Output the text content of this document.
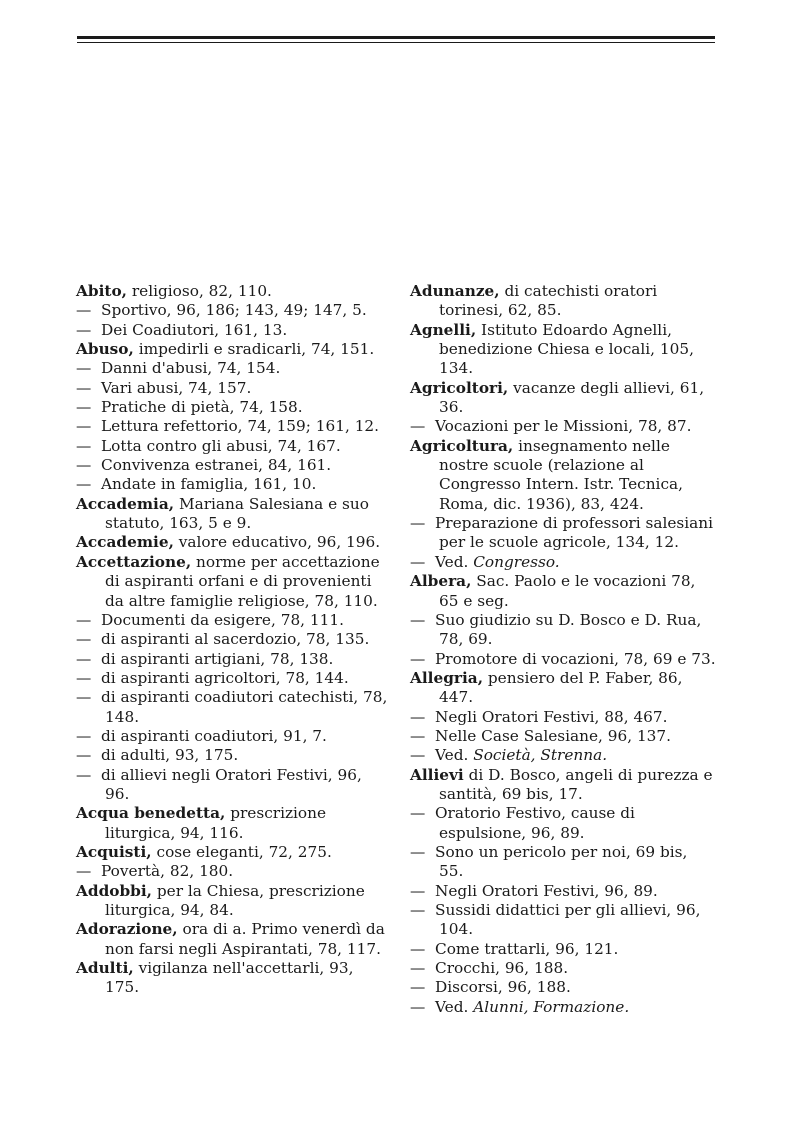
Abito, religioso, 82, 110.
— Sportivo, 96, 186; 143, 49; 147, 5.
— Dei Coadiutori, 161, 13.
Abuso, impedirli e sradicarli, 74, 151.
— Danni d'abusi, 74, 154.
— Vari abusi, 74, 157.
— Pratiche di pietà, 74, 158.
— Lettura refettorio, 74, 159; 161, 12.
— Lotta contro gli abusi, 74, 167.
— Convivenza estranei, 84, 161.
— Andate in famiglia, 161, 10.
Accademia, Mariana Salesiana e suo statuto, 163, 5 e 9.
Accademie, valore educativo, 96, 196.
Accettazione, norme per accettazione di aspiranti orfani e di provenienti da altre famiglie religiose, 78, 110.
— Documenti da esigere, 78, 111.
— di aspiranti al sacerdozio, 78, 135.
— di aspiranti artigiani, 78, 138.
— di aspiranti agricoltori, 78, 144.
— di aspiranti coadiutori catechisti, 78, 148.
— di aspiranti coadiutori, 91, 7.
— di adulti, 93, 175.
— di allievi negli Oratori Festivi, 96, 96.
Acqua benedetta, prescrizione liturgica, 94, 116.
Acquisti, cose eleganti, 72, 275.
— Povertà, 82, 180.
Addobbi, per la Chiesa, prescrizione liturgica, 94, 84.
Adorazione, ora di a. Primo venerdì da non farsi negli Aspirantati, 78, 117.
Adulti, vigilanza nell'accettarli, 93, 175.
Adunanze, di catechisti oratori torinesi, 62, 85.
Agnelli, Istituto Edoardo Agnelli, benedizione Chiesa e locali, 105, 134.
Agricoltori, vacanze degli allievi, 61, 36.
— Vocazioni per le Missioni, 78, 87.
Agricoltura, insegnamento nelle nostre scuole (relazione al Congresso Intern. Istr. Tecnica, Roma, dic. 1936), 83, 424.
— Preparazione di professori salesiani per le scuole agricole, 134, 12.
— Ved. Congresso.
Albera, Sac. Paolo e le vocazioni 78, 65 e seg.
— Suo giudizio su D. Bosco e D. Rua, 78, 69.
— Promotore di vocazioni, 78, 69 e 73.
Allegria, pensiero del P. Faber, 86, 447.
— Negli Oratori Festivi, 88, 467.
— Nelle Case Salesiane, 96, 137.
— Ved. Società, Strenna.
Allievi di D. Bosco, angeli di purezza e santità, 69 bis, 17.
— Oratorio Festivo, cause di espulsione, 96, 89.
— Sono un pericolo per noi, 69 bis, 55.
— Negli Oratori Festivi, 96, 89.
— Sussidi didattici per gli allievi, 96, 104.
— Come trattarli, 96, 121.
— Crocchi, 96, 188.
— Discorsi, 96, 188.
— Ved. Alunni, Formazione.
